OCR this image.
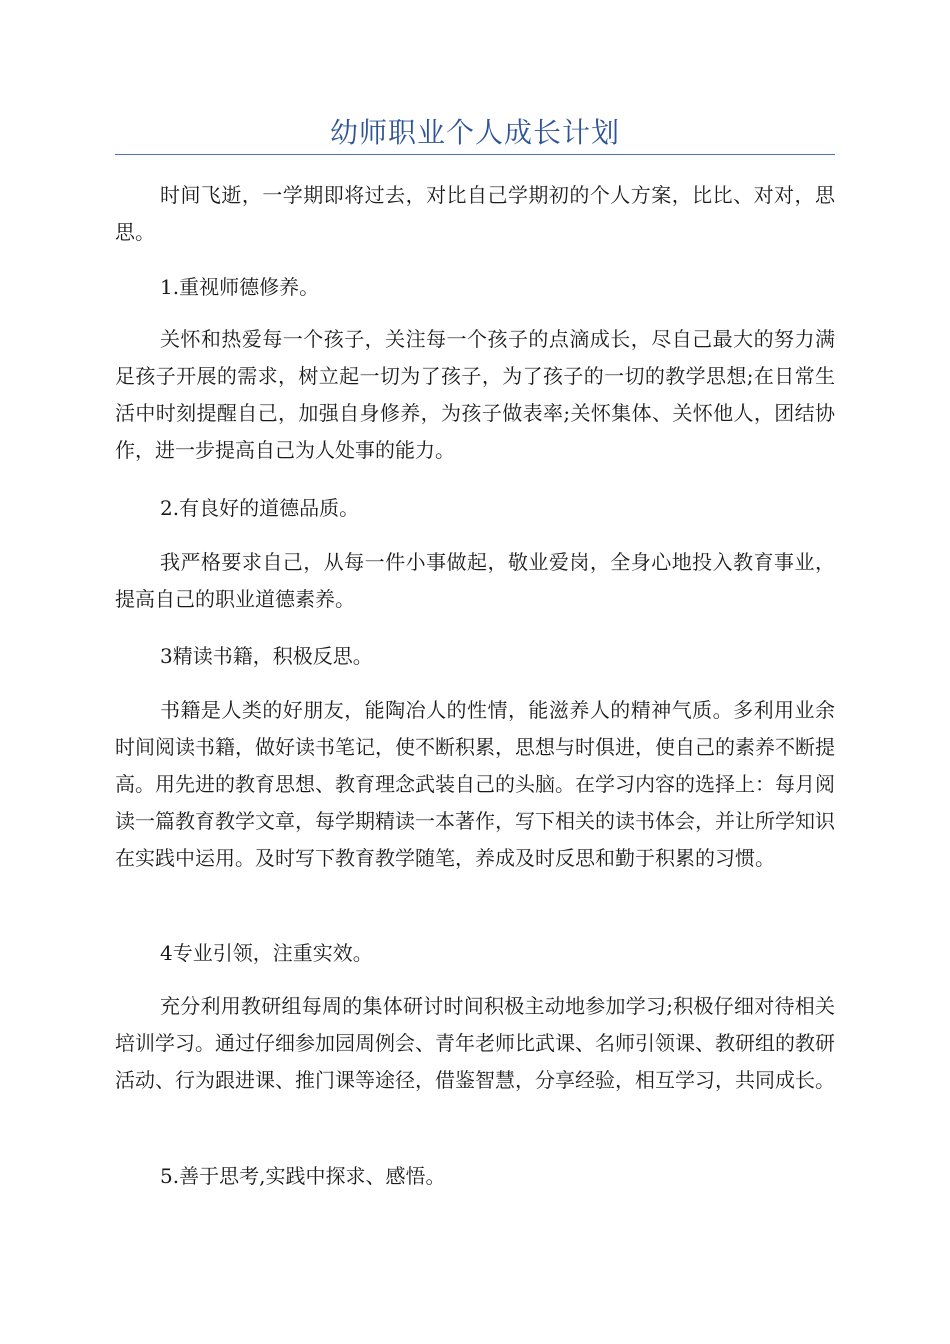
幼师职业个人成长计划

时间飞逝，一学期即将过去，对比自己学期初的个人方案，比比、对对，思思。

1.重视师德修养。

关怀和热爱每一个孩子，关注每一个孩子的点滴成长，尽自己最大的努力满足孩子开展的需求，树立起一切为了孩子，为了孩子的一切的教学思想;在日常生活中时刻提醒自己，加强自身修养，为孩子做表率;关怀集体、关怀他人，团结协作，进一步提高自己为人处事的能力。

2.有良好的道德品质。

我严格要求自己，从每一件小事做起，敬业爱岗，全身心地投入教育事业，提高自己的职业道德素养。

3精读书籍，积极反思。

书籍是人类的好朋友，能陶冶人的性情，能滋养人的精神气质。多利用业余时间阅读书籍，做好读书笔记，使不断积累，思想与时俱进，使自己的素养不断提高。用先进的教育思想、教育理念武装自己的头脑。在学习内容的选择上：每月阅读一篇教育教学文章，每学期精读一本著作，写下相关的读书体会，并让所学知识在实践中运用。及时写下教育教学随笔，养成及时反思和勤于积累的习惯。

4专业引领，注重实效。

充分利用教研组每周的集体研讨时间积极主动地参加学习;积极仔细对待相关培训学习。通过仔细参加园周例会、青年老师比武课、名师引领课、教研组的教研活动、行为跟进课、推门课等途径，借鉴智慧，分享经验，相互学习，共同成长。

5.善于思考,实践中探求、感悟。
